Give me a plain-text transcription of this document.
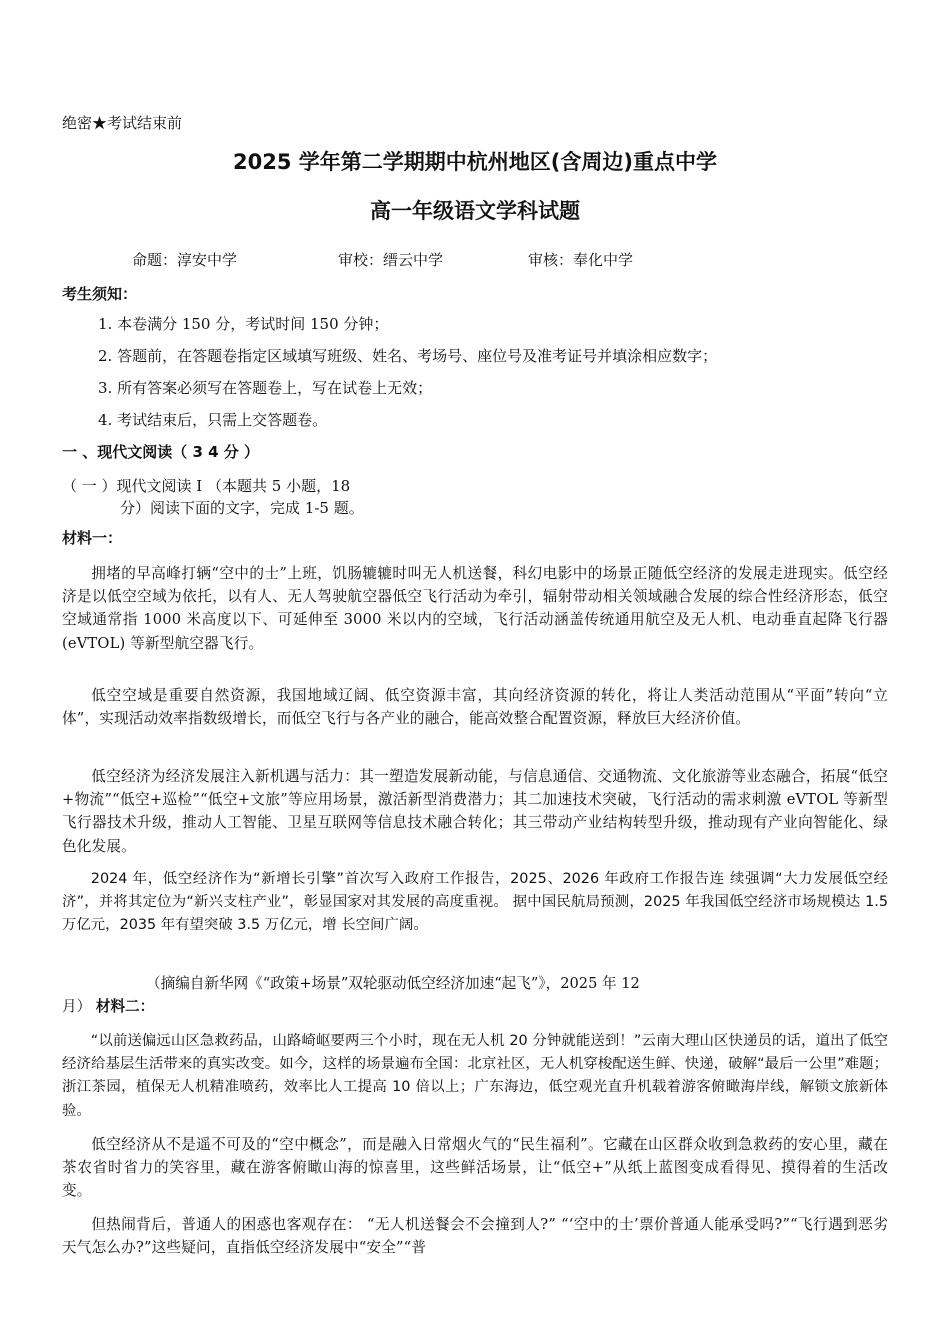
绝密★考试结束前
2025 学年第二学期期中杭州地区(含周边)重点中学
高一年级语文学科试题
命题：淳安中学	审校：缙云中学	审核：奉化中学
考生须知：
1. 本卷满分 150 分，考试时间 150 分钟；
2. 答题前，在答题卷指定区域填写班级、姓名、考场号、座位号及准考证号并填涂相应数字；
3. 所有答案必须写在答题卷上，写在试卷上无效；
4. 考试结束后，只需上交答题卷。
一 、现代文阅读（ 3 4 分 ）
（ 一 ）现代文阅读 I （本题共 5 小题，18
分）阅读下面的文字，完成 1-5 题。
材料一：
拥堵的早高峰打辆“空中的士”上班，饥肠辘辘时叫无人机送餐，科幻电影中的场景正随低空经济的发展走进现实。低空经济是以低空空域为依托，以有人、无人驾驶航空器低空飞行活动为牵引，辐射带动相关领域融合发展的综合性经济形态，低空空域通常指 1000 米高度以下、可延伸至 3000 米以内的空域，飞行活动涵盖传统通用航空及无人机、电动垂直起降飞行器(eVTOL) 等新型航空器飞行。
低空空域是重要自然资源，我国地域辽阔、低空资源丰富，其向经济资源的转化，将让人类活动范围从“平面”转向“立体”，实现活动效率指数级增长，而低空飞行与各产业的融合，能高效整合配置资源，释放巨大经济价值。
低空经济为经济发展注入新机遇与活力：其一塑造发展新动能，与信息通信、交通物流、文化旅游等业态融合，拓展“低空+物流”“低空+巡检”“低空+文旅”等应用场景，激活新型消费潜力；其二加速技术突破，飞行活动的需求刺激 eVTOL 等新型飞行器技术升级，推动人工智能、卫星互联网等信息技术融合转化；其三带动产业结构转型升级，推动现有产业向智能化、绿色化发展。
2024 年，低空经济作为“新增长引擎”首次写入政府工作报告，2025、2026 年政府工作报告连 续强调“大力发展低空经济”，并将其定位为“新兴支柱产业”，彰显国家对其发展的高度重视。 据中国民航局预测，2025 年我国低空经济市场规模达 1.5 万亿元，2035 年有望突破 3.5 万亿元，增 长空间广阔。
（摘编自新华网《“政策+场景”双轮驱动低空经济加速“起飞”》，2025 年 12
月） 材料二：
“以前送偏远山区急救药品，山路崎岖要两三个小时，现在无人机 20 分钟就能送到！”云南大理山区快递员的话，道出了低空经济给基层生活带来的真实改变。如今，这样的场景遍布全国：北京社区，无人机穿梭配送生鲜、快递，破解“最后一公里”难题；浙江茶园，植保无人机精准喷药，效率比人工提高 10 倍以上；广东海边，低空观光直升机载着游客俯瞰海岸线，解锁文旅新体验。
低空经济从不是遥不可及的“空中概念”，而是融入日常烟火气的“民生福利”。它藏在山区群众收到急救药的安心里，藏在茶农省时省力的笑容里，藏在游客俯瞰山海的惊喜里，这些鲜活场景，让“低空+”从纸上蓝图变成看得见、摸得着的生活改变。
但热闹背后，普通人的困惑也客观存在： “无人机送餐会不会撞到人?” “‘空中的士’票价普通人能承受吗?”“飞行遇到恶劣天气怎么办?”这些疑问，直指低空经济发展中“安全”“普
